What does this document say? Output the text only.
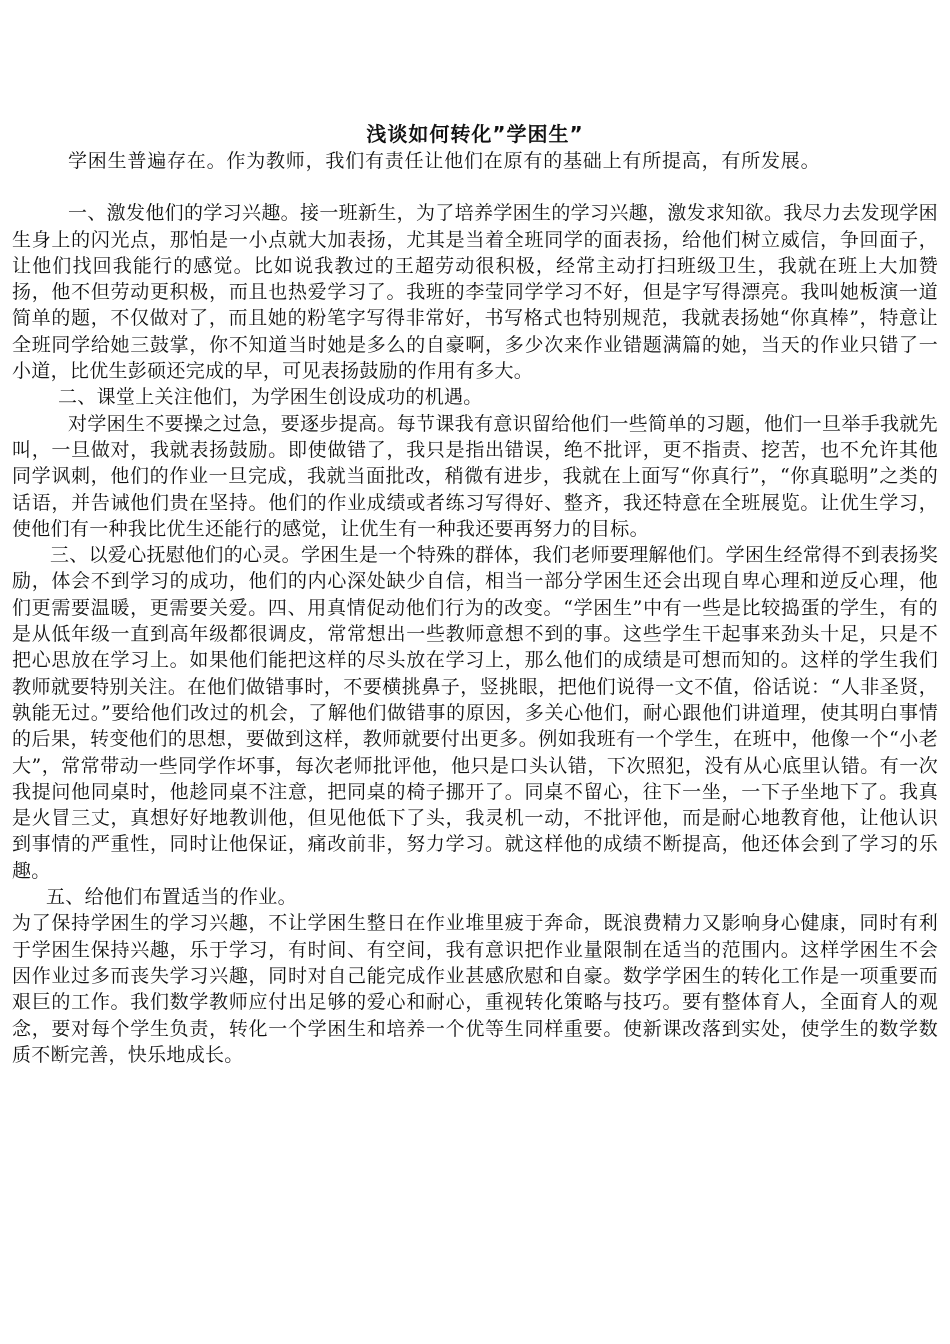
浅谈如何转化”学困生”

学困生普遍存在。作为教师，我们有责任让他们在原有的基础上有所提高，有所发展。

一、激发他们的学习兴趣。接一班新生，为了培养学困生的学习兴趣，激发求知欲。我尽力去发现学困生身上的闪光点，那怕是一小点就大加表扬，尤其是当着全班同学的面表扬，给他们树立威信，争回面子，让他们找回我能行的感觉。比如说我教过的王超劳动很积极，经常主动打扫班级卫生，我就在班上大加赞扬，他不但劳动更积极，而且也热爱学习了。我班的李莹同学学习不好，但是字写得漂亮。我叫她板演一道简单的题，不仅做对了，而且她的粉笔字写得非常好，书写格式也特别规范，我就表扬她“你真棒”，特意让全班同学给她三鼓掌，你不知道当时她是多么的自豪啊，多少次来作业错题满篇的她，当天的作业只错了一小道，比优生彭硕还完成的早，可见表扬鼓励的作用有多大。

二、课堂上关注他们，为学困生创设成功的机遇。

对学困生不要操之过急，要逐步提高。每节课我有意识留给他们一些简单的习题，他们一旦举手我就先叫，一旦做对，我就表扬鼓励。即使做错了，我只是指出错误，绝不批评，更不指责、挖苦，也不允许其他同学讽刺，他们的作业一旦完成，我就当面批改，稍微有进步，我就在上面写“你真行”，“你真聪明”之类的话语，并告诫他们贵在坚持。他们的作业成绩或者练习写得好、整齐，我还特意在全班展览。让优生学习，使他们有一种我比优生还能行的感觉，让优生有一种我还要再努力的目标。

三、以爱心抚慰他们的心灵。学困生是一个特殊的群体，我们老师要理解他们。学困生经常得不到表扬奖励，体会不到学习的成功，他们的内心深处缺少自信，相当一部分学困生还会出现自卑心理和逆反心理，他们更需要温暖，更需要关爱。四、用真情促动他们行为的改变。“学困生”中有一些是比较捣蛋的学生，有的是从低年级一直到高年级都很调皮，常常想出一些教师意想不到的事。这些学生干起事来劲头十足，只是不把心思放在学习上。如果他们能把这样的尽头放在学习上，那么他们的成绩是可想而知的。这样的学生我们教师就要特别关注。在他们做错事时，不要横挑鼻子，竖挑眼，把他们说得一文不值，俗话说：“人非圣贤，孰能无过。”要给他们改过的机会，了解他们做错事的原因，多关心他们，耐心跟他们讲道理，使其明白事情的后果，转变他们的思想，要做到这样，教师就要付出更多。例如我班有一个学生，在班中，他像一个“小老大”，常常带动一些同学作坏事，每次老师批评他，他只是口头认错，下次照犯，没有从心底里认错。有一次我提问他同桌时，他趁同桌不注意，把同桌的椅子挪开了。同桌不留心，往下一坐，一下子坐地下了。我真是火冒三丈，真想好好地教训他，但见他低下了头，我灵机一动，不批评他，而是耐心地教育他，让他认识到事情的严重性，同时让他保证，痛改前非，努力学习。就这样他的成绩不断提高，他还体会到了学习的乐趣。

五、给他们布置适当的作业。

为了保持学困生的学习兴趣，不让学困生整日在作业堆里疲于奔命，既浪费精力又影响身心健康，同时有利于学困生保持兴趣，乐于学习，有时间、有空间，我有意识把作业量限制在适当的范围内。这样学困生不会因作业过多而丧失学习兴趣，同时对自己能完成作业甚感欣慰和自豪。数学学困生的转化工作是一项重要而艰巨的工作。我们数学教师应付出足够的爱心和耐心，重视转化策略与技巧。要有整体育人，全面育人的观念，要对每个学生负责，转化一个学困生和培养一个优等生同样重要。使新课改落到实处，使学生的数学数质不断完善，快乐地成长。
